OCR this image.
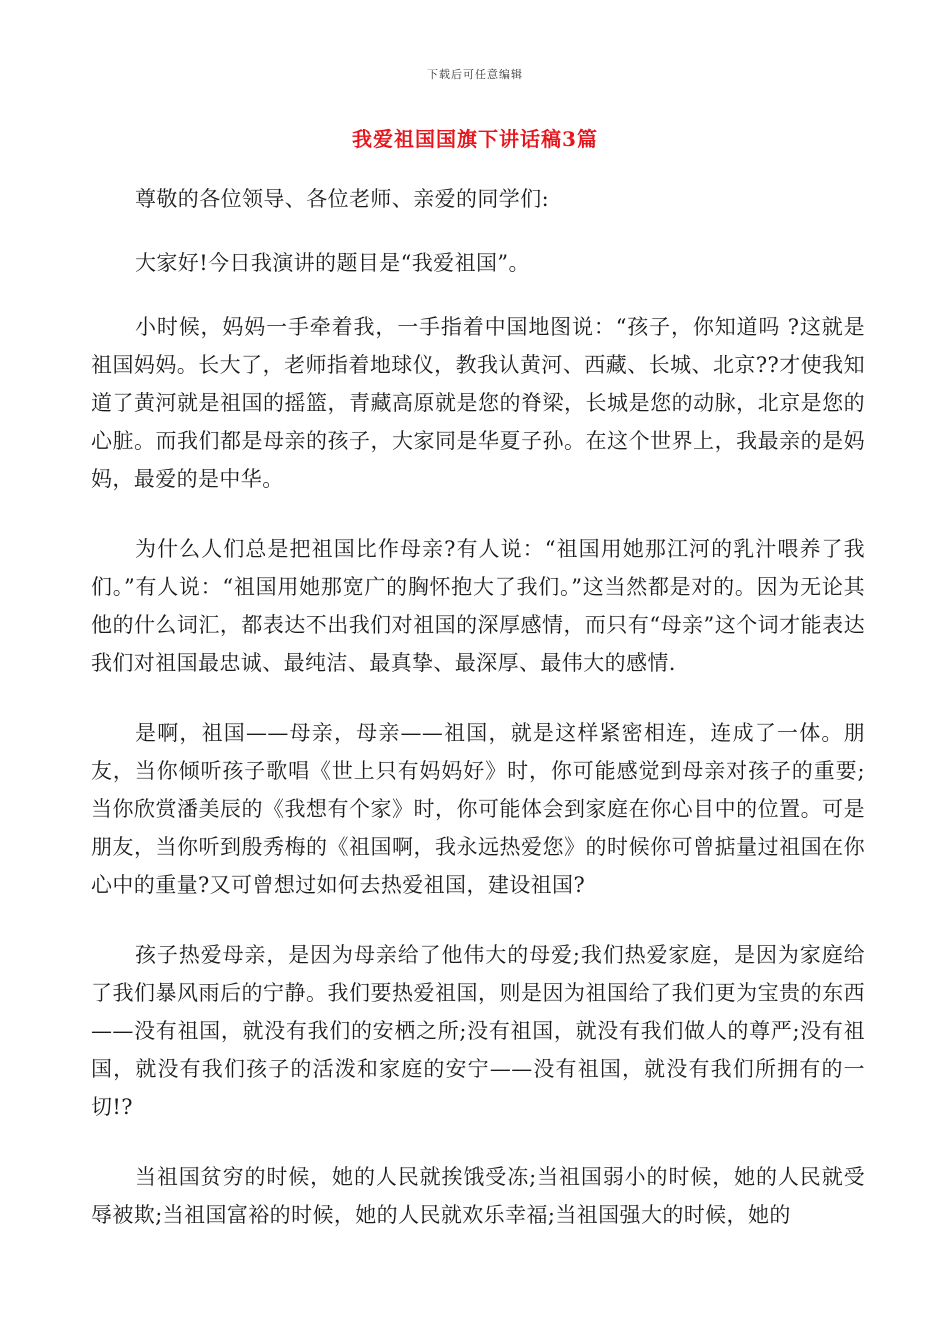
下载后可任意编辑
我爱祖国国旗下讲话稿3篇

尊敬的各位领导、各位老师、亲爱的同学们:

大家好!今日我演讲的题目是“我爱祖国”。

小时候，妈妈一手牵着我，一手指着中国地图说：“孩子，你知道吗 ?这就是祖国妈妈。长大了，老师指着地球仪，教我认黄河、西藏、长城、北京??才使我知道了黄河就是祖国的摇篮，青藏高原就是您的脊梁，长城是您的动脉，北京是您的心脏。而我们都是母亲的孩子，大家同是华夏子孙。在这个世界上，我最亲的是妈妈，最爱的是中华。

为什么人们总是把祖国比作母亲?有人说：“祖国用她那江河的乳汁喂养了我们。”有人说：“祖国用她那宽广的胸怀抱大了我们。”这当然都是对的。因为无论其他的什么词汇，都表达不出我们对祖国的深厚感情，而只有“母亲”这个词才能表达我们对祖国最忠诚、最纯洁、最真挚、最深厚、最伟大的感情.

是啊，祖国——母亲，母亲——祖国，就是这样紧密相连，连成了一体。朋友，当你倾听孩子歌唱《世上只有妈妈好》时，你可能感觉到母亲对孩子的重要;当你欣赏潘美辰的《我想有个家》时，你可能体会到家庭在你心目中的位置。可是朋友，当你听到殷秀梅的《祖国啊，我永远热爱您》的时候你可曾掂量过祖国在你心中的重量?又可曾想过如何去热爱祖国，建设祖国?

孩子热爱母亲，是因为母亲给了他伟大的母爱;我们热爱家庭，是因为家庭给了我们暴风雨后的宁静。我们要热爱祖国，则是因为祖国给了我们更为宝贵的东西——没有祖国，就没有我们的安栖之所;没有祖国，就没有我们做人的尊严;没有祖国，就没有我们孩子的活泼和家庭的安宁——没有祖国，就没有我们所拥有的一切!?

当祖国贫穷的时候，她的人民就挨饿受冻;当祖国弱小的时候，她的人民就受辱被欺;当祖国富裕的时候，她的人民就欢乐幸福;当祖国强大的时候，她的
